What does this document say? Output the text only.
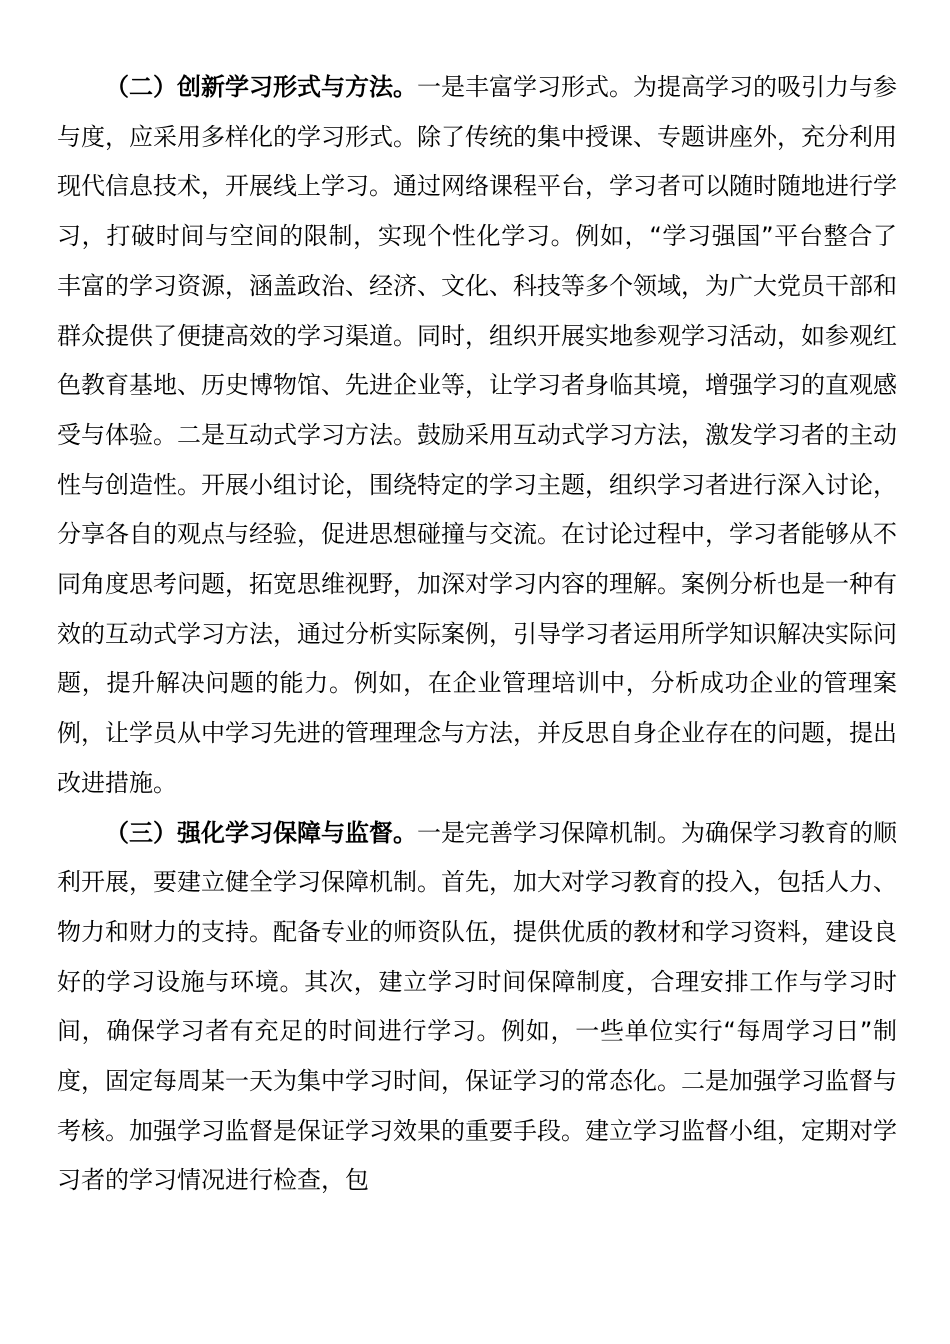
（二）创新学习形式与方法。一是丰富学习形式。为提高学习的吸引力与参与度，应采用多样化的学习形式。除了传统的集中授课、专题讲座外，充分利用现代信息技术，开展线上学习。通过网络课程平台，学习者可以随时随地进行学习，打破时间与空间的限制，实现个性化学习。例如，“学习强国”平台整合了丰富的学习资源，涵盖政治、经济、文化、科技等多个领域，为广大党员干部和群众提供了便捷高效的学习渠道。同时，组织开展实地参观学习活动，如参观红色教育基地、历史博物馆、先进企业等，让学习者身临其境，增强学习的直观感受与体验。二是互动式学习方法。鼓励采用互动式学习方法，激发学习者的主动性与创造性。开展小组讨论，围绕特定的学习主题，组织学习者进行深入讨论，分享各自的观点与经验，促进思想碰撞与交流。在讨论过程中，学习者能够从不同角度思考问题，拓宽思维视野，加深对学习内容的理解。案例分析也是一种有效的互动式学习方法，通过分析实际案例，引导学习者运用所学知识解决实际问题，提升解决问题的能力。例如，在企业管理培训中，分析成功企业的管理案例，让学员从中学习先进的管理理念与方法，并反思自身企业存在的问题，提出改进措施。

（三）强化学习保障与监督。一是完善学习保障机制。为确保学习教育的顺利开展，要建立健全学习保障机制。首先，加大对学习教育的投入，包括人力、物力和财力的支持。配备专业的师资队伍，提供优质的教材和学习资料，建设良好的学习设施与环境。其次，建立学习时间保障制度，合理安排工作与学习时间，确保学习者有充足的时间进行学习。例如，一些单位实行“每周学习日”制度，固定每周某一天为集中学习时间，保证学习的常态化。二是加强学习监督与考核。加强学习监督是保证学习效果的重要手段。建立学习监督小组，定期对学习者的学习情况进行检查，包
